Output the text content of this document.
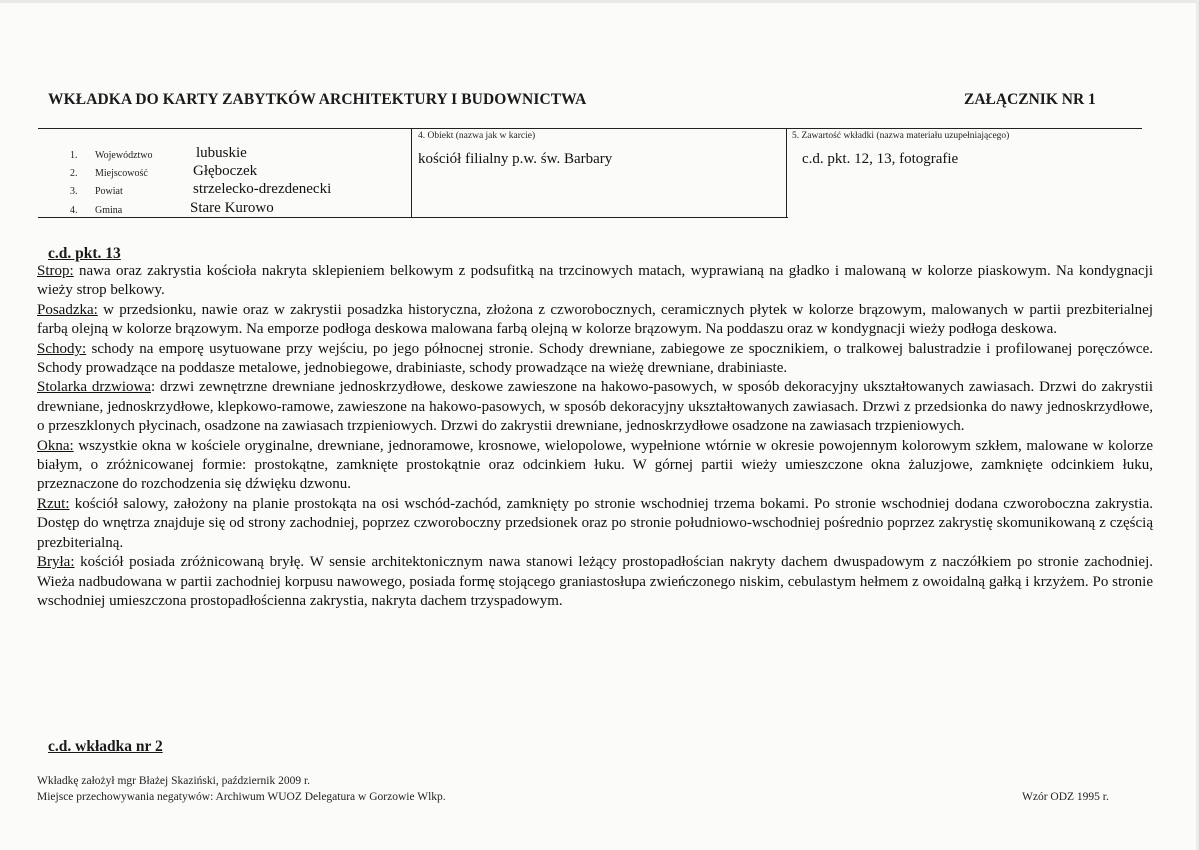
WKŁADKA DO KARTY ZABYTKÓW ARCHITEKTURY I BUDOWNICTWA	ZAŁĄCZNIK NR 1
1. Województwo	lubuskie
2. Miejscowość	Głęboczek
3. Powiat	strzelecko-drezdenecki
4. Gmina	Stare Kurowo
4. Obiekt (nazwa jak w karcie)
kościół filialny p.w. św. Barbary
5. Zawartość wkładki (nazwa materiału uzupełniającego)
c.d. pkt. 12, 13, fotografie
c.d. pkt. 13

Strop: nawa oraz zakrystia kościoła nakryta sklepieniem belkowym z podsufitką na trzcinowych matach, wyprawianą na gładko i malowaną w kolorze piaskowym. Na kondygnacji wieży strop belkowy.

Posadzka: w przedsionku, nawie oraz w zakrystii posadzka historyczna, złożona z czworobocznych, ceramicznych płytek w kolorze brązowym, malowanych w partii prezbiterialnej farbą olejną w kolorze brązowym. Na emporze podłoga deskowa malowana farbą olejną w kolorze brązowym. Na poddaszu oraz w kondygnacji wieży podłoga deskowa.

Schody: schody na emporę usytuowane przy wejściu, po jego północnej stronie. Schody drewniane, zabiegowe ze spocznikiem, o tralkowej balustradzie i profilowanej poręczówce. Schody prowadzące na poddasze metalowe, jednobiegowe, drabiniaste, schody prowadzące na wieżę drewniane, drabiniaste.

Stolarka drzwiowa: drzwi zewnętrzne drewniane jednoskrzydłowe, deskowe zawieszone na hakowo-pasowych, w sposób dekoracyjny ukształtowanych zawiasach. Drzwi do zakrystii drewniane, jednoskrzydłowe, klepkowo-ramowe, zawieszone na hakowo-pasowych, w sposób dekoracyjny ukształtowanych zawiasach. Drzwi z przedsionka do nawy jednoskrzydłowe, o przeszklonych płycinach, osadzone na zawiasach trzpieniowych. Drzwi do zakrystii drewniane, jednoskrzydłowe osadzone na zawiasach trzpieniowych.

Okna: wszystkie okna w kościele oryginalne, drewniane, jednoramowe, krosnowe, wielopolowe, wypełnione wtórnie w okresie powojennym kolorowym szkłem, malowane w kolorze białym, o zróżnicowanej formie: prostokątne, zamknięte prostokątnie oraz odcinkiem łuku. W górnej partii wieży umieszczone okna żaluzjowe, zamknięte odcinkiem łuku, przeznaczone do rozchodzenia się dźwięku dzwonu.

Rzut: kościół salowy, założony na planie prostokąta na osi wschód-zachód, zamknięty po stronie wschodniej trzema bokami. Po stronie wschodniej dodana czworoboczna zakrystia. Dostęp do wnętrza znajduje się od strony zachodniej, poprzez czworoboczny przedsionek oraz po stronie południowo-wschodniej pośrednio poprzez zakrystię skomunikowaną z częścią prezbiterialną.

Bryła: kościół posiada zróżnicowaną bryłę. W sensie architektonicznym nawa stanowi leżący prostopadłościan nakryty dachem dwuspadowym z naczółkiem po stronie zachodniej. Wieża nadbudowana w partii zachodniej korpusu nawowego, posiada formę stojącego graniastosłupa zwieńczonego niskim, cebulastym hełmem z owoidalną gałką i krzyżem. Po stronie wschodniej umieszczona prostopadłościenna zakrystia, nakryta dachem trzyspadowym.

c.d. wkładka nr 2
Wkładkę założył mgr Błażej Skaziński, październik 2009 r.
Miejsce przechowywania negatywów: Archiwum WUOZ Delegatura w Gorzowie Wlkp.	Wzór ODZ 1995 r.
